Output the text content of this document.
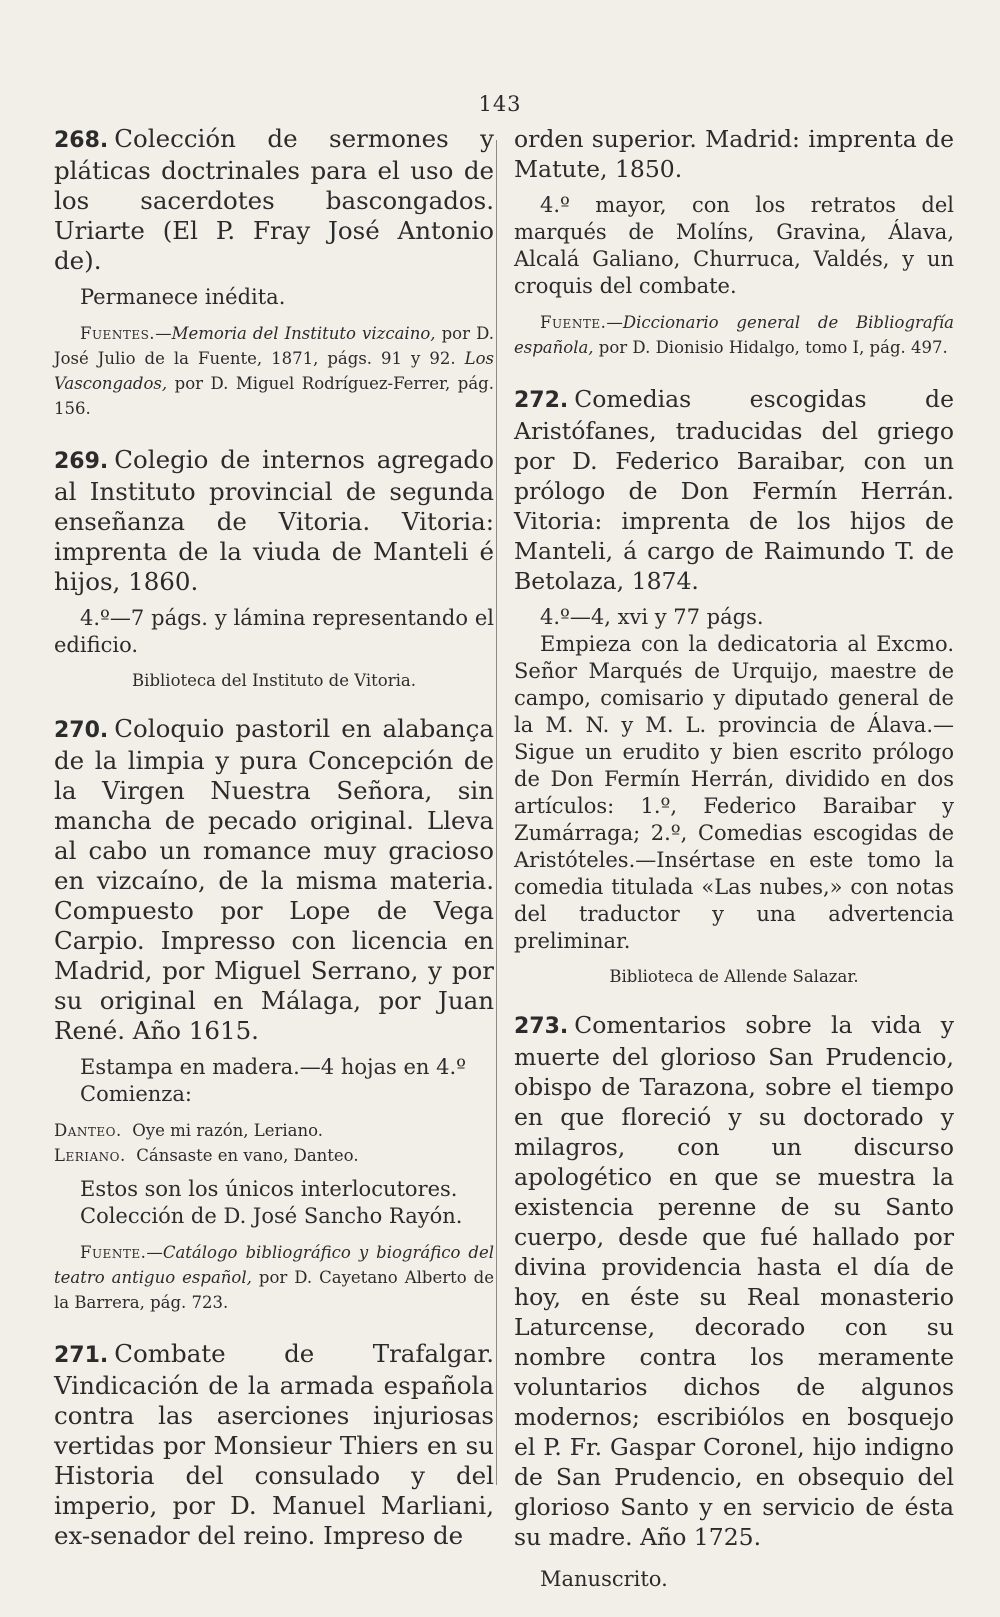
143

268. Colección de sermones y pláticas doctrinales para el uso de los sacerdotes bascongados. Uriarte (El P. Fray José Antonio de).

Permanece inédita.

Fuentes.—Memoria del Instituto vizcaino, por D. José Julio de la Fuente, 1871, págs. 91 y 92. Los Vascongados, por D. Miguel Rodríguez-Ferrer, pág. 156.

269. Colegio de internos agregado al Instituto provincial de segunda enseñanza de Vitoria. Vitoria: imprenta de la viuda de Manteli é hijos, 1860.

4.º—7 págs. y lámina representando el edificio.

Biblioteca del Instituto de Vitoria.

270. Coloquio pastoril en alabança de la limpia y pura Concepción de la Virgen Nuestra Señora, sin mancha de pecado original. Lleva al cabo un romance muy gracioso en vizcaíno, de la misma materia. Compuesto por Lope de Vega Carpio. Impresso con licencia en Madrid, por Miguel Serrano, y por su original en Málaga, por Juan René. Año 1615.

Estampa en madera.—4 hojas en 4.º

Comienza:

Danteo. Oye mi razón, Leriano.
Leriano. Cánsaste en vano, Danteo.

Estos son los únicos interlocutores.

Colección de D. José Sancho Rayón.

Fuente.—Catálogo bibliográfico y biográfico del teatro antiguo español, por D. Cayetano Alberto de la Barrera, pág. 723.

271. Combate de Trafalgar. Vindicación de la armada española contra las aserciones injuriosas vertidas por Monsieur Thiers en su Historia del consulado y del imperio, por D. Manuel Marliani, ex-senador del reino. Impreso de

orden superior. Madrid: imprenta de Matute, 1850.

4.º mayor, con los retratos del marqués de Molíns, Gravina, Álava, Alcalá Galiano, Churruca, Valdés, y un croquis del combate.

Fuente.—Diccionario general de Bibliografía española, por D. Dionisio Hidalgo, tomo I, pág. 497.

272. Comedias escogidas de Aristófanes, traducidas del griego por D. Federico Baraibar, con un prólogo de Don Fermín Herrán. Vitoria: imprenta de los hijos de Manteli, á cargo de Raimundo T. de Betolaza, 1874.

4.º—4, xvi y 77 págs.

Empieza con la dedicatoria al Excmo. Señor Marqués de Urquijo, maestre de campo, comisario y diputado general de la M. N. y M. L. provincia de Álava.—Sigue un erudito y bien escrito prólogo de Don Fermín Herrán, dividido en dos artículos: 1.º, Federico Baraibar y Zumárraga; 2.º, Comedias escogidas de Aristóteles.—Insértase en este tomo la comedia titulada «Las nubes,» con notas del traductor y una advertencia preliminar.

Biblioteca de Allende Salazar.

273. Comentarios sobre la vida y muerte del glorioso San Prudencio, obispo de Tarazona, sobre el tiempo en que floreció y su doctorado y milagros, con un discurso apologético en que se muestra la existencia perenne de su Santo cuerpo, desde que fué hallado por divina providencia hasta el día de hoy, en éste su Real monasterio Laturcense, decorado con su nombre contra los meramente voluntarios dichos de algunos modernos; escribiólos en bosquejo el P. Fr. Gaspar Coronel, hijo indigno de San Prudencio, en obsequio del glorioso Santo y en servicio de ésta su madre. Año 1725.

Manuscrito.
